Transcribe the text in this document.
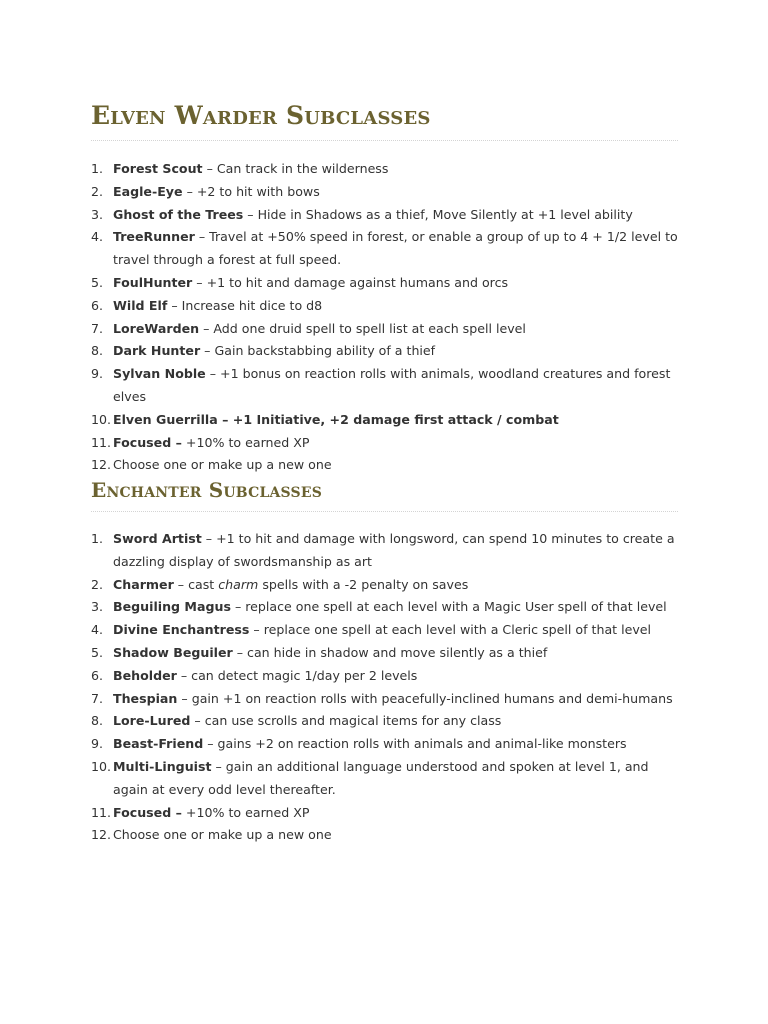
Elven Warder Subclasses
1. Forest Scout – Can track in the wilderness
2. Eagle-Eye – +2 to hit with bows
3. Ghost of the Trees – Hide in Shadows as a thief, Move Silently at +1 level ability
4. TreeRunner – Travel at +50% speed in forest, or enable a group of up to 4 + 1/2 level to travel through a forest at full speed.
5. FoulHunter – +1 to hit and damage against humans and orcs
6. Wild Elf – Increase hit dice to d8
7. LoreWarden – Add one druid spell to spell list at each spell level
8. Dark Hunter – Gain backstabbing ability of a thief
9. Sylvan Noble – +1 bonus on reaction rolls with animals, woodland creatures and forest elves
10. Elven Guerrilla – +1 Initiative, +2 damage first attack / combat
11. Focused – +10% to earned XP
12. Choose one or make up a new one
Enchanter Subclasses
1. Sword Artist – +1 to hit and damage with longsword, can spend 10 minutes to create a dazzling display of swordsmanship as art
2. Charmer – cast charm spells with a -2 penalty on saves
3. Beguiling Magus – replace one spell at each level with a Magic User spell of that level
4. Divine Enchantress – replace one spell at each level with a Cleric spell of that level
5. Shadow Beguiler – can hide in shadow and move silently as a thief
6. Beholder – can detect magic 1/day per 2 levels
7. Thespian – gain +1 on reaction rolls with peacefully-inclined humans and demi-humans
8. Lore-Lured – can use scrolls and magical items for any class
9. Beast-Friend – gains +2 on reaction rolls with animals and animal-like monsters
10. Multi-Linguist – gain an additional language understood and spoken at level 1, and again at every odd level thereafter.
11. Focused – +10% to earned XP
12. Choose one or make up a new one
